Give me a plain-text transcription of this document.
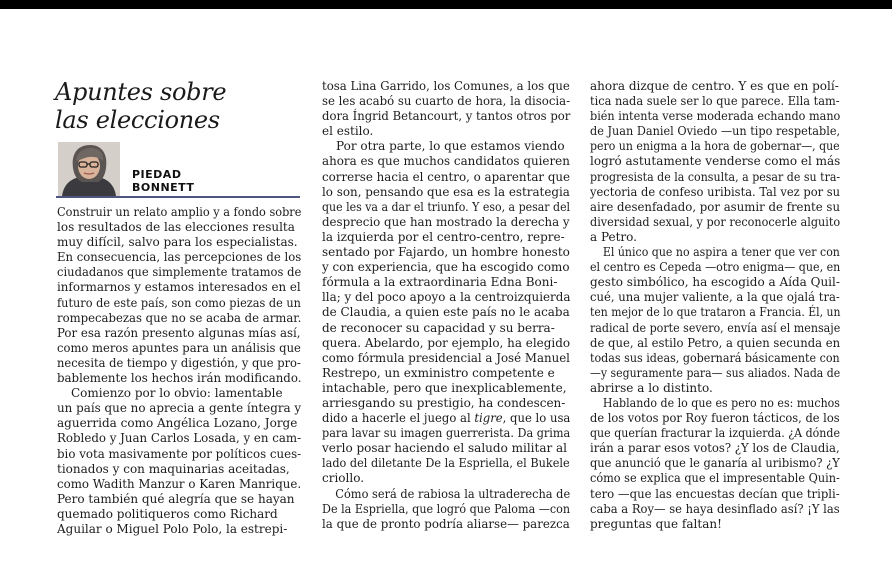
Apuntes sobre
las elecciones
PIEDAD
BONNETT
Construir un relato amplio y a fondo sobre
los resultados de las elecciones resulta
muy difícil, salvo para los especialistas.
En consecuencia, las percepciones de los
ciudadanos que simplemente tratamos de
informarnos y estamos interesados en el
futuro de este país, son como piezas de un
rompecabezas que no se acaba de armar.
Por esa razón presento algunas mías así,
como meros apuntes para un análisis que
necesita de tiempo y digestión, y que pro-
bablemente los hechos irán modificando.
Comienzo por lo obvio: lamentable
un país que no aprecia a gente íntegra y
aguerrida como Angélica Lozano, Jorge
Robledo y Juan Carlos Losada, y en cam-
bio vota masivamente por políticos cues-
tionados y con maquinarias aceitadas,
como Wadith Manzur o Karen Manrique.
Pero también qué alegría que se hayan
quemado politiqueros como Richard
Aguilar o Miguel Polo Polo, la estrepi-
tosa Lina Garrido, los Comunes, a los que
se les acabó su cuarto de hora, la disocia-
dora Íngrid Betancourt, y tantos otros por
el estilo.
Por otra parte, lo que estamos viendo
ahora es que muchos candidatos quieren
correrse hacia el centro, o aparentar que
lo son, pensando que esa es la estrategia
que les va a dar el triunfo. Y eso, a pesar del
desprecio que han mostrado la derecha y
la izquierda por el centro-centro, repre-
sentado por Fajardo, un hombre honesto
y con experiencia, que ha escogido como
fórmula a la extraordinaria Edna Boni-
lla; y del poco apoyo a la centroizquierda
de Claudia, a quien este país no le acaba
de reconocer su capacidad y su berra-
quera. Abelardo, por ejemplo, ha elegido
como fórmula presidencial a José Manuel
Restrepo, un exministro competente e
intachable, pero que inexplicablemente,
arriesgando su prestigio, ha condescen-
dido a hacerle el juego al tigre, que lo usa
para lavar su imagen guerrerista. Da grima
verlo posar haciendo el saludo militar al
lado del diletante De la Espriella, el Bukele
criollo.
Cómo será de rabiosa la ultraderecha de
De la Espriella, que logró que Paloma —con
la que de pronto podría aliarse— parezca
ahora dizque de centro. Y es que en polí-
tica nada suele ser lo que parece. Ella tam-
bién intenta verse moderada echando mano
de Juan Daniel Oviedo —un tipo respetable,
pero un enigma a la hora de gobernar—, que
logró astutamente venderse como el más
progresista de la consulta, a pesar de su tra-
yectoria de confeso uribista. Tal vez por su
aire desenfadado, por asumir de frente su
diversidad sexual, y por reconocerle alguito
a Petro.
El único que no aspira a tener que ver con
el centro es Cepeda —otro enigma— que, en
gesto simbólico, ha escogido a Aída Quil-
cué, una mujer valiente, a la que ojalá tra-
ten mejor de lo que trataron a Francia. Él, un
radical de porte severo, envía así el mensaje
de que, al estilo Petro, a quien secunda en
todas sus ideas, gobernará básicamente con
—y seguramente para— sus aliados. Nada de
abrirse a lo distinto.
Hablando de lo que es pero no es: muchos
de los votos por Roy fueron tácticos, de los
que querían fracturar la izquierda. ¿A dónde
irán a parar esos votos? ¿Y los de Claudia,
que anunció que le ganaría al uribismo? ¿Y
cómo se explica que el impresentable Quin-
tero —que las encuestas decían que tripli-
caba a Roy— se haya desinflado así? ¡Y las
preguntas que faltan!
